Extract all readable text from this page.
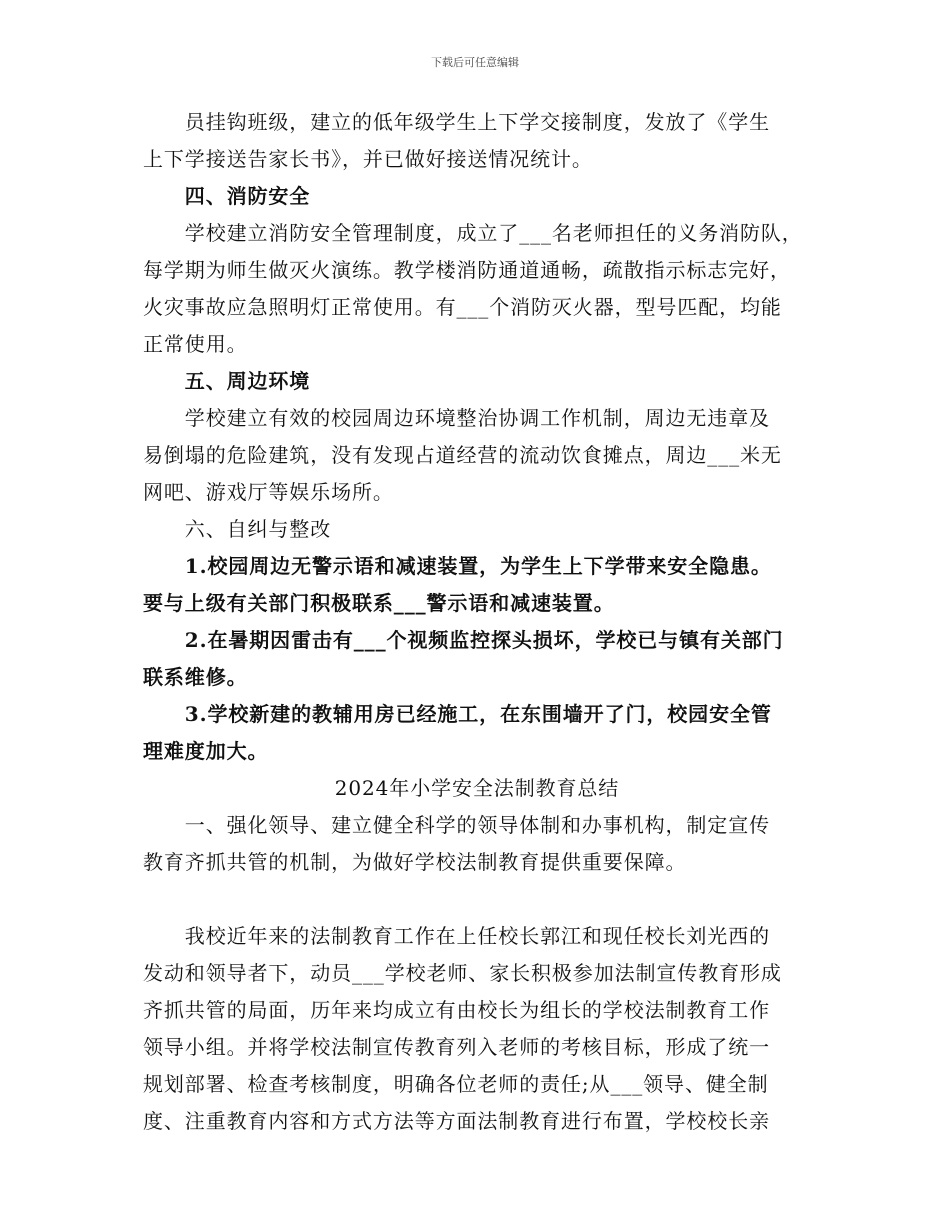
下载后可任意编辑
　　员挂钩班级，建立的低年级学生上下学交接制度，发放了《学生
上下学接送告家长书》，并已做好接送情况统计。
　　四、消防安全
　　学校建立消防安全管理制度，成立了___名老师担任的义务消防队，
每学期为师生做灭火演练。教学楼消防通道通畅，疏散指示标志完好，
火灾事故应急照明灯正常使用。有___个消防灭火器，型号匹配，均能
正常使用。
　　五、周边环境
　　学校建立有效的校园周边环境整治协调工作机制，周边无违章及
易倒塌的危险建筑，没有发现占道经营的流动饮食摊点，周边___米无
网吧、游戏厅等娱乐场所。
　　六、自纠与整改
　　1.校园周边无警示语和减速装置，为学生上下学带来安全隐患。
要与上级有关部门积极联系___警示语和减速装置。
　　2.在暑期因雷击有___个视频监控探头损坏，学校已与镇有关部门
联系维修。
　　3.学校新建的教辅用房已经施工，在东围墙开了门，校园安全管
理难度加大。
2024年小学安全法制教育总结
　　一、强化领导、建立健全科学的领导体制和办事机构，制定宣传
教育齐抓共管的机制，为做好学校法制教育提供重要保障。
　　我校近年来的法制教育工作在上任校长郭江和现任校长刘光西的
发动和领导者下，动员___学校老师、家长积极参加法制宣传教育形成
齐抓共管的局面，历年来均成立有由校长为组长的学校法制教育工作
领导小组。并将学校法制宣传教育列入老师的考核目标，形成了统一
规划部署、检查考核制度，明确各位老师的责任;从___领导、健全制
度、注重教育内容和方式方法等方面法制教育进行布置，学校校长亲
